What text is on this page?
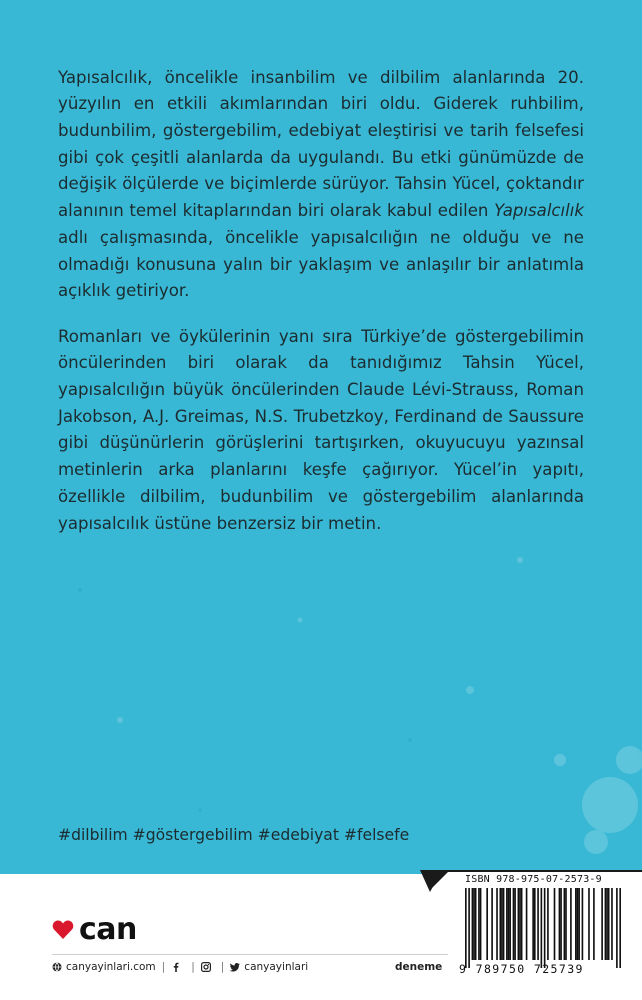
Yapısalcılık, öncelikle insanbilim ve dilbilim alanlarında 20. yüzyılın en etkili akımlarından biri oldu. Giderek ruhbilim, budunbilim, göstergebilim, edebiyat eleştirisi ve tarih felsefesi gibi çok çeşitli alanlarda da uygulandı. Bu etki günümüzde de değişik ölçülerde ve biçimlerde sürüyor. Tahsin Yücel, çoktandır alanının temel kitaplarından biri olarak kabul edilen Yapısalcılık adlı çalışmasında, öncelikle yapısalcılığın ne olduğu ve ne olmadığı konusuna yalın bir yaklaşım ve anlaşılır bir anlatımla açıklık getiriyor.

Romanları ve öykülerinin yanı sıra Türkiye’de göstergebilimin öncülerinden biri olarak da tanıdığımız Tahsin Yücel, yapısalcılığın büyük öncülerinden Claude Lévi-Strauss, Roman Jakobson, A.J. Greimas, N.S. Trubetzkoy, Ferdinand de Saussure gibi düşünürlerin görüşlerini tartışırken, okuyucuyu yazınsal metinlerin arka planlarını keşfe çağırıyor. Yücel’in yapıtı, özellikle dilbilim, budunbilim ve göstergebilim alanlarında yapısalcılık üstüne benzersiz bir metin.

#dilbilim #göstergebilim #edebiyat #felsefe
can
canyayinlari.com | | | canyayinlari	deneme
ISBN 978-975-07-2573-9
9 789750 725739
